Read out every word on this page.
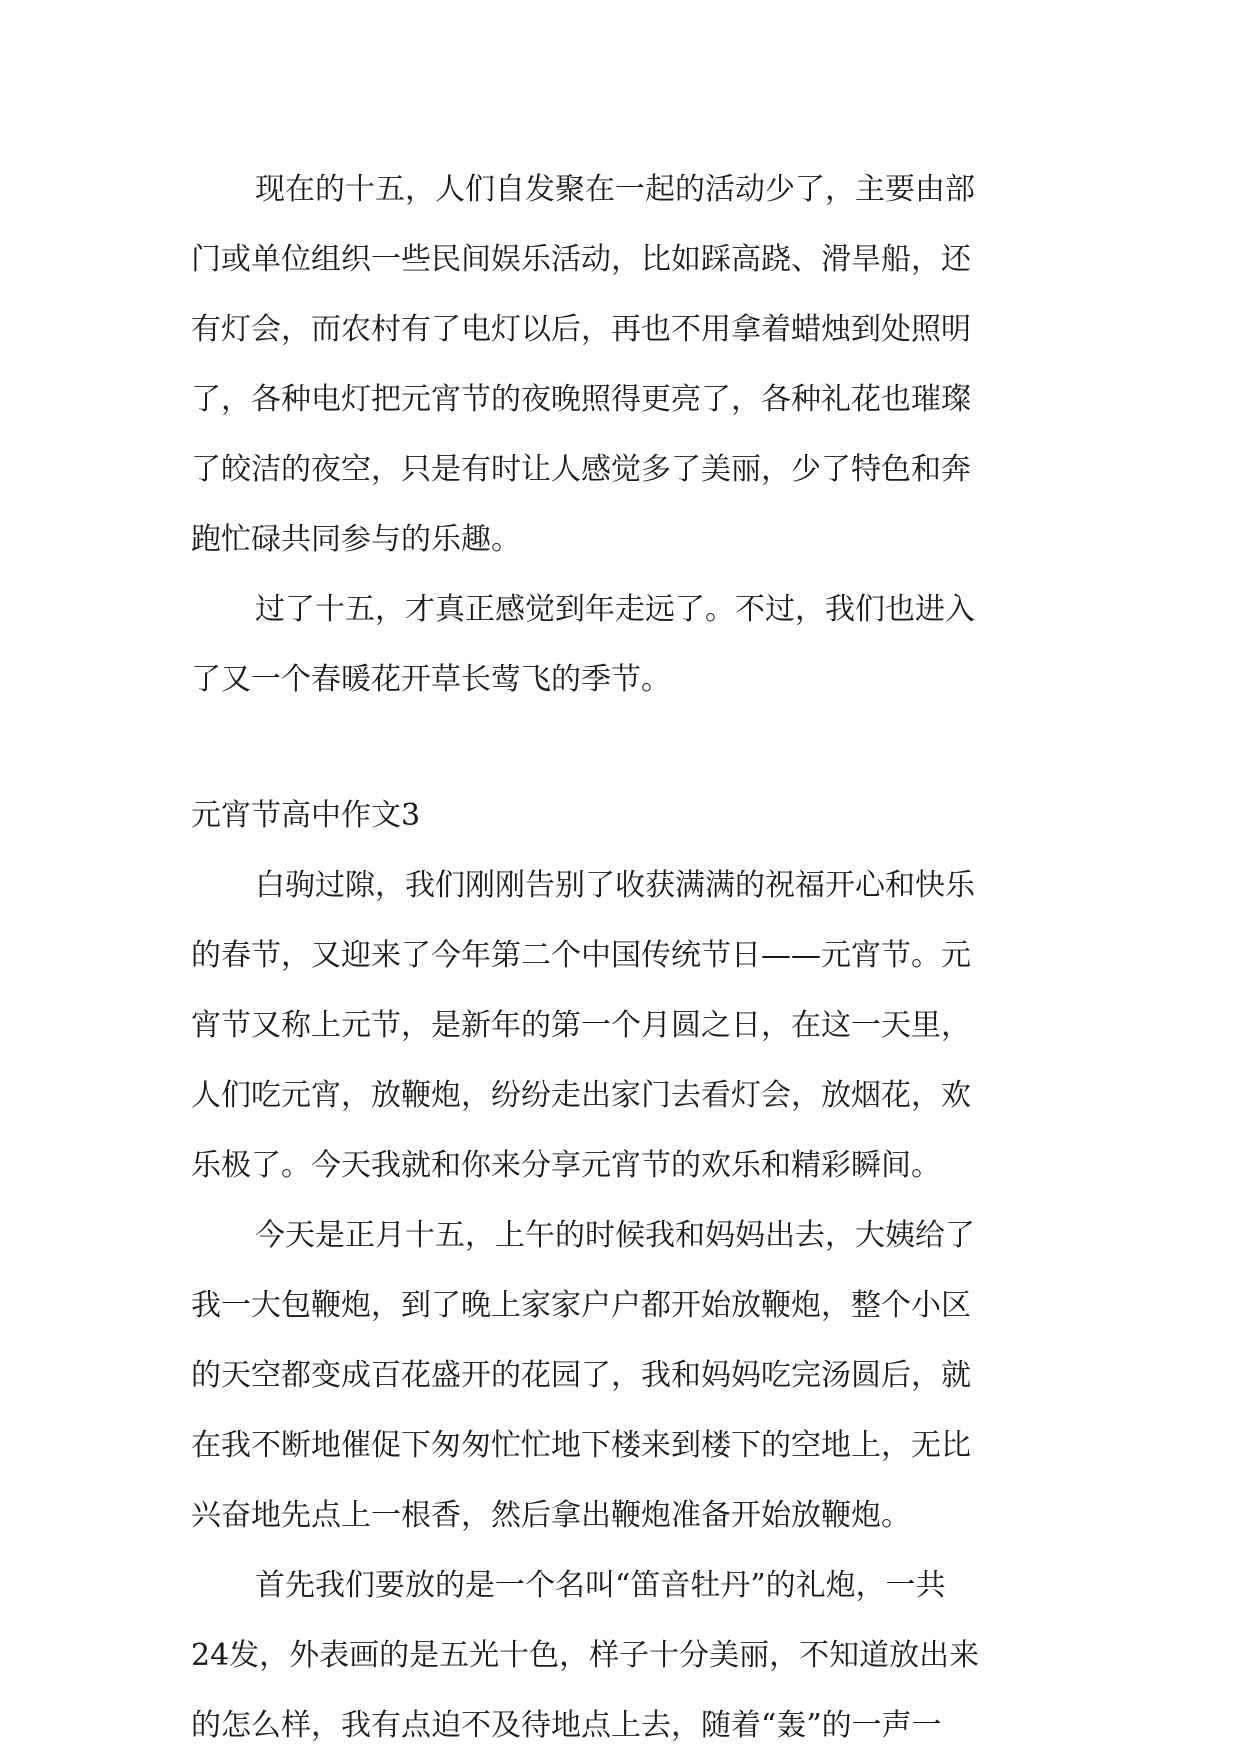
现在的十五，人们自发聚在一起的活动少了，主要由部
门或单位组织一些民间娱乐活动，比如踩高跷、滑旱船，还
有灯会，而农村有了电灯以后，再也不用拿着蜡烛到处照明
了，各种电灯把元宵节的夜晚照得更亮了，各种礼花也璀璨
了皎洁的夜空，只是有时让人感觉多了美丽，少了特色和奔
跑忙碌共同参与的乐趣。
过了十五，才真正感觉到年走远了。不过，我们也进入
了又一个春暖花开草长莺飞的季节。
元宵节高中作文3
白驹过隙，我们刚刚告别了收获满满的祝福开心和快乐
的春节，又迎来了今年第二个中国传统节日——元宵节。元
宵节又称上元节，是新年的第一个月圆之日，在这一天里，
人们吃元宵，放鞭炮，纷纷走出家门去看灯会，放烟花，欢
乐极了。今天我就和你来分享元宵节的欢乐和精彩瞬间。
今天是正月十五，上午的时候我和妈妈出去，大姨给了
我一大包鞭炮，到了晚上家家户户都开始放鞭炮，整个小区
的天空都变成百花盛开的花园了，我和妈妈吃完汤圆后，就
在我不断地催促下匆匆忙忙地下楼来到楼下的空地上，无比
兴奋地先点上一根香，然后拿出鞭炮准备开始放鞭炮。
首先我们要放的是一个名叫“笛音牡丹”的礼炮，一共
24发，外表画的是五光十色，样子十分美丽，不知道放出来
的怎么样，我有点迫不及待地点上去，随着“轰”的一声一
